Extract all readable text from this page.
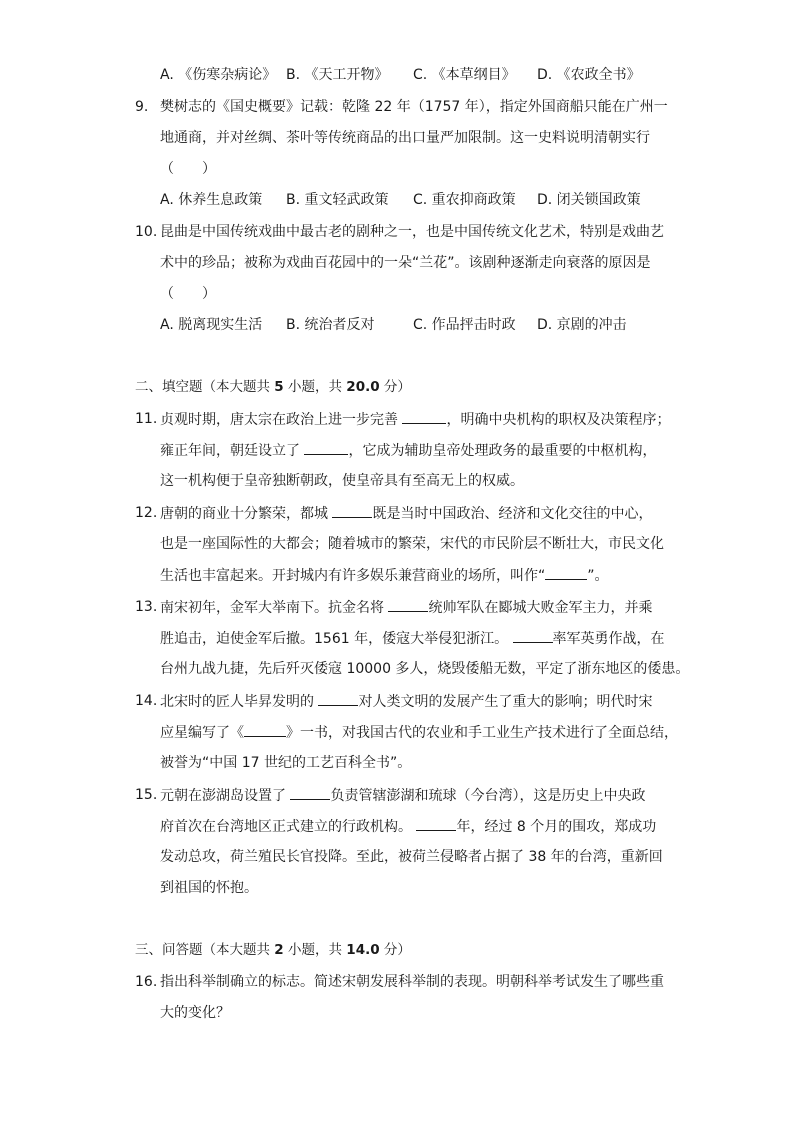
A. 《伤寒杂病论》 B. 《天工开物》 C. 《本草纲目》 D. 《农政全书》
9. 樊树志的《国史概要》记载：乾隆 22 年（1757 年），指定外国商船只能在广州一
地通商，并对丝绸、茶叶等传统商品的出口量严加限制。这一史料说明清朝实行
（　　）
A. 休养生息政策 B. 重文轻武政策 C. 重农抑商政策 D. 闭关锁国政策
10. 昆曲是中国传统戏曲中最古老的剧种之一，也是中国传统文化艺术，特别是戏曲艺
术中的珍品；被称为戏曲百花园中的一朵“兰花”。该剧种逐渐走向衰落的原因是
（　　）
A. 脱离现实生活 B. 统治者反对	C. 作品抨击时政 D. 京剧的冲击
二、填空题（本大题共 5 小题，共 20.0 分）
11. 贞观时期，唐太宗在政治上进一步完善	，明确中央机构的职权及决策程序；
雍正年间，朝廷设立了	，它成为辅助皇帝处理政务的最重要的中枢机构，
这一机构便于皇帝独断朝政，使皇帝具有至高无上的权威。
12. 唐朝的商业十分繁荣，都城	既是当时中国政治、经济和文化交往的中心，
也是一座国际性的大都会；随着城市的繁荣，宋代的市民阶层不断壮大，市民文化
生活也丰富起来。开封城内有许多娱乐兼营商业的场所，叫作“	”。
13. 南宋初年，金军大举南下。抗金名将	统帅军队在郾城大败金军主力，并乘
胜追击，迫使金军后撤。1561 年，倭寇大举侵犯浙江。	率军英勇作战，在
台州九战九捷，先后歼灭倭寇 10000 多人，烧毁倭船无数，平定了浙东地区的倭患。
14. 北宋时的匠人毕昇发明的	对人类文明的发展产生了重大的影响；明代时宋
应星编写了《	》一书，对我国古代的农业和手工业生产技术进行了全面总结，
被誉为“中国 17 世纪的工艺百科全书”。
15. 元朝在澎湖岛设置了	负责管辖澎湖和琉球（今台湾），这是历史上中央政
府首次在台湾地区正式建立的行政机构。	年，经过 8 个月的围攻，郑成功
发动总攻，荷兰殖民长官投降。至此，被荷兰侵略者占据了 38 年的台湾，重新回
到祖国的怀抱。
三、问答题（本大题共 2 小题，共 14.0 分）
16. 指出科举制确立的标志。简述宋朝发展科举制的表现。明朝科举考试发生了哪些重
大的变化？
